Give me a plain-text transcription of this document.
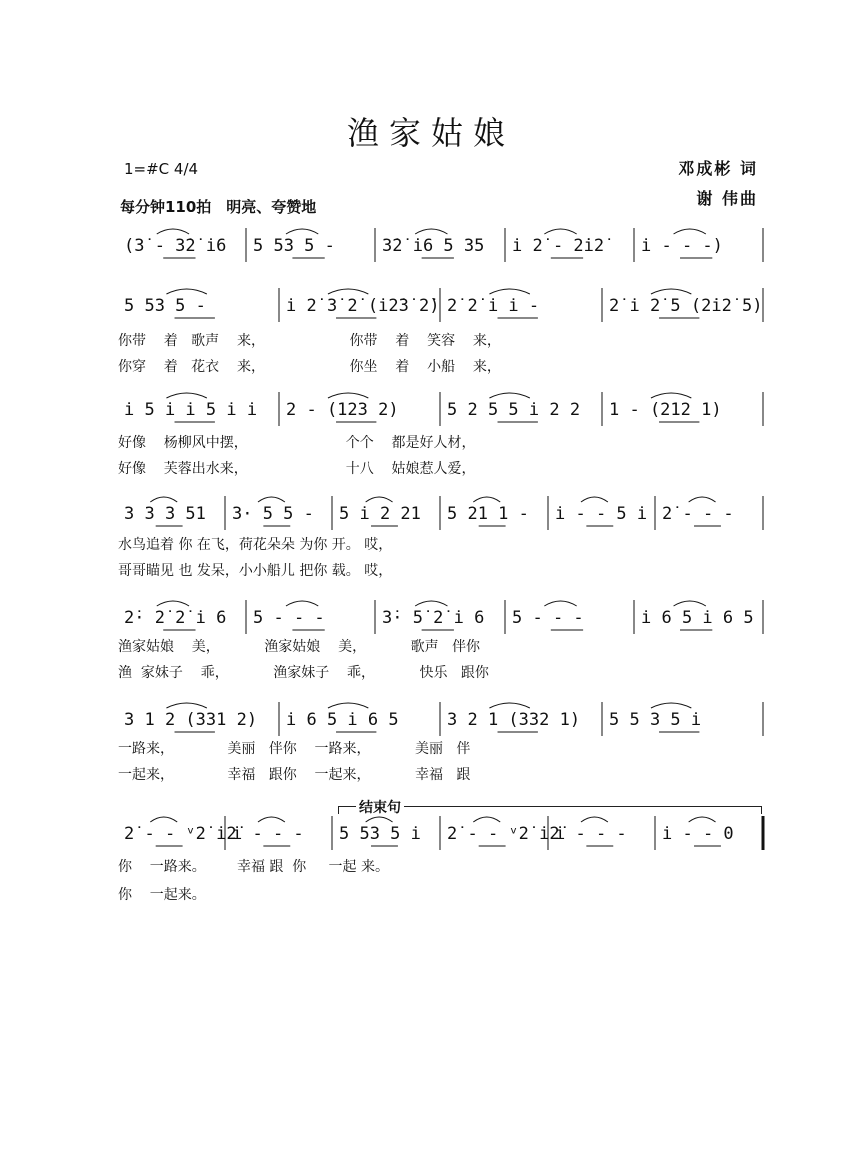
渔家姑娘
1=#C 4/4
每分钟110拍　明亮、夸赞地
邓成彬 词
谢 伟曲
结束句
(3̇ - 3̇2̇ i̇6	5 53 5 -	3̇2̇ i̇6 5 35	i̇ 2̇ - 2̇i̇2̇	i̇ - - -)
5 53 5 -	i̇ 2̇ 3̇ 2̇ (i̇2̇3̇ 2̇) 2̇ 2̇ i̇ i̇ -	2̇ i̇ 2̇ 5 (2̇i̇2̇ 5)
你带    着   歌声    来，                   你带    着    笑容    来，
你穿    着   花衣    来，                   你坐    着    小船    来，
i̇ 5 i̇ i̇ 5 i̇ i̇	2 - (123 2)	5 2 5 5 i̇ 2 2	1 - (212 1)
好像    杨柳风中摆，                      个个    都是好人材，
好像    芙蓉出水来，                      十八    姑娘惹人爱，
3 3 3 51	3· 5 5 -	5 i̇ 2 21	5 21 1 -	i̇ - - 5 i̇ 2̇ - - -
水鸟追着 你 在飞，荷花朵朵 为你 开。 哎，
哥哥瞄见 也 发呆，小小船儿 把你 载。 哎，
2̇· 2̇ 2̇ i̇ 6	5 - - -	3̇· 5̇ 2̇ i̇ 6	5 - - -	i̇ 6 5 i̇ 6 5
渔家姑娘    美，          渔家姑娘    美，          歌声   伴你
渔  家妹子    乖，          渔家妹子    乖，          快乐   跟你
3 1 2 (331 2)	i̇ 6 5 i̇ 6 5	3 2 1 (332 1)	5 5 3 5 i̇
一路来，            美丽   伴你    一路来，          美丽   伴
一起来，            幸福   跟你    一起来，          幸福   跟
2̇ - - ᵛ2̇ i̇2̇
i̇ - - -	5 53 5 i̇	2̇ - - ᵛ2̇ i̇2̇
i̇ - - -	i̇ - - 0
你    一路来。       幸福 跟  你     一起 来。
你    一起来。
